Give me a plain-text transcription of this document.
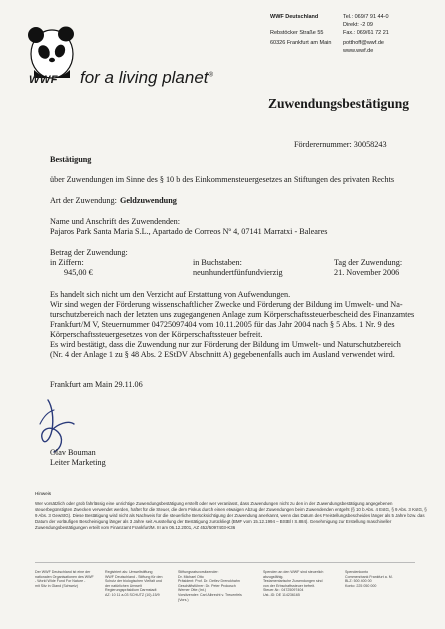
WWF for a living planet®
WWF Deutschland
Rebstöcker Straße 55
60326 Frankfurt am Main
Tel.: 069/7 91 44-0
Direkt: -2 09
Fax.: 069/61 72 21
potthoff@wwf.de
www.wwf.de
Zuwendungsbestätigung
Förderernummer: 30058243
Bestätigung
über Zuwendungen im Sinne des § 10 b des Einkommensteuergesetzes an Stiftungen des privaten Rechts
Art der Zuwendung: Geldzuwendung
Name und Anschrift des Zuwendenden:
Pajaros Park Santa Maria S.L., Apartado de Correos Nº 4, 07141 Marratxi - Baleares
Betrag der Zuwendung:
in Ziffern:
945,00 €
in Buchstaben:
neunhundertfünfundvierzig
Tag der Zuwendung:
21. November 2006
Es handelt sich nicht um den Verzicht auf Erstattung von Aufwendungen.
Wir sind wegen der Förderung wissenschaftlicher Zwecke und Förderung der Bildung im Umwelt- und Na-
turschutzbereich nach der letzten uns zugegangenen Anlage zum Körperschaftssteuerbescheid des Finanzamtes
Frankfurt/M V, Steuernummer 04725097404 vom 10.11.2005 für das Jahr 2004 nach § 5 Abs. 1 Nr. 9 des
Körperschaftssteuergesetzes von der Körperschaftssteuer befreit.
Es wird bestätigt, dass die Zuwendung nur zur Förderung der Bildung im Umwelt- und Naturschutzbereich
(Nr. 4 der Anlage 1 zu § 48 Abs. 2 EStDV Abschnitt A) gegebenenfalls auch im Ausland verwendet wird.
Frankfurt am Main 29.11.06
Olav Bouman
Leiter Marketing
Hinweis
Wer vorsätzlich oder grob fahrlässig eine unrichtige Zuwendungsbestätigung erstellt oder wer veranlasst, dass Zuwendungen nicht zu den in der Zuwendungsbestätigung angegebenen steuerbegünstigten Zwecken verwendet werden, haftet für die Steuer, die dem Fiskus durch einen etwaigen Abzug der Zuwendungen beim Zuwendenden entgeht (§ 10 b Abs. 4 EstG, § 9 Abs. 3 KstG, § 9 Abs. 3 GewStG). Diese Bestätigung wird nicht als Nachweis für die steuerliche Berücksichtigung der Zuwendung anerkannt, wenn das Datum des Freistellungsbescheides länger als 5 Jahre bzw. das Datum der vorläufigen Bescheinigung länger als 3 Jahre seit Ausstellung der Bestätigung zurückliegt (BMF vom 15.12.1994 – BStBl I S.884). Genehmigung zur Erstellung maschineller Zuwendungsbestätigungen erteilt vom Finanzamt Frankfurt/M. III am 06.12.2001, AZ 452/5097403-K36
Der WWF Deutschland ist eine der
nationalen Organisationen des WWF
- World Wide Fund For Nature -
mit Sitz in Gland (Schweiz)
Registriert als: Umweltstiftung
WWF Deutschland - Stiftung für den
Schutz der biologischen Vielfalt und
der natürlichen Umwelt
Regierungspräsidium Darmstadt
AZ: 10 11 a-03 SCHUTZ (10)-15/9
Stiftungsratsvorsitzender:
Dr. Michael Otto
Präsident: Prof. Dr. Detlev Drenckhahn
Geschäftsführer: Dr. Peter Prokosch
Werner Otte (Int.)
Vorsitzender: Carl Albrecht v. Treuenfels
(Vors.)
Spenden an den WWF sind steuerlich
abzugsfähig.
Testamentarische Zuwendungen sind
von der Erbschaftssteuer befreit.
Steuer-Nr.: 04725097404
Ust.-ID: DE 114236165
Spendenkonto
Commerzbank Frankfurt a. M.
BLZ: 500 400 00
Konto: 225 050 000
